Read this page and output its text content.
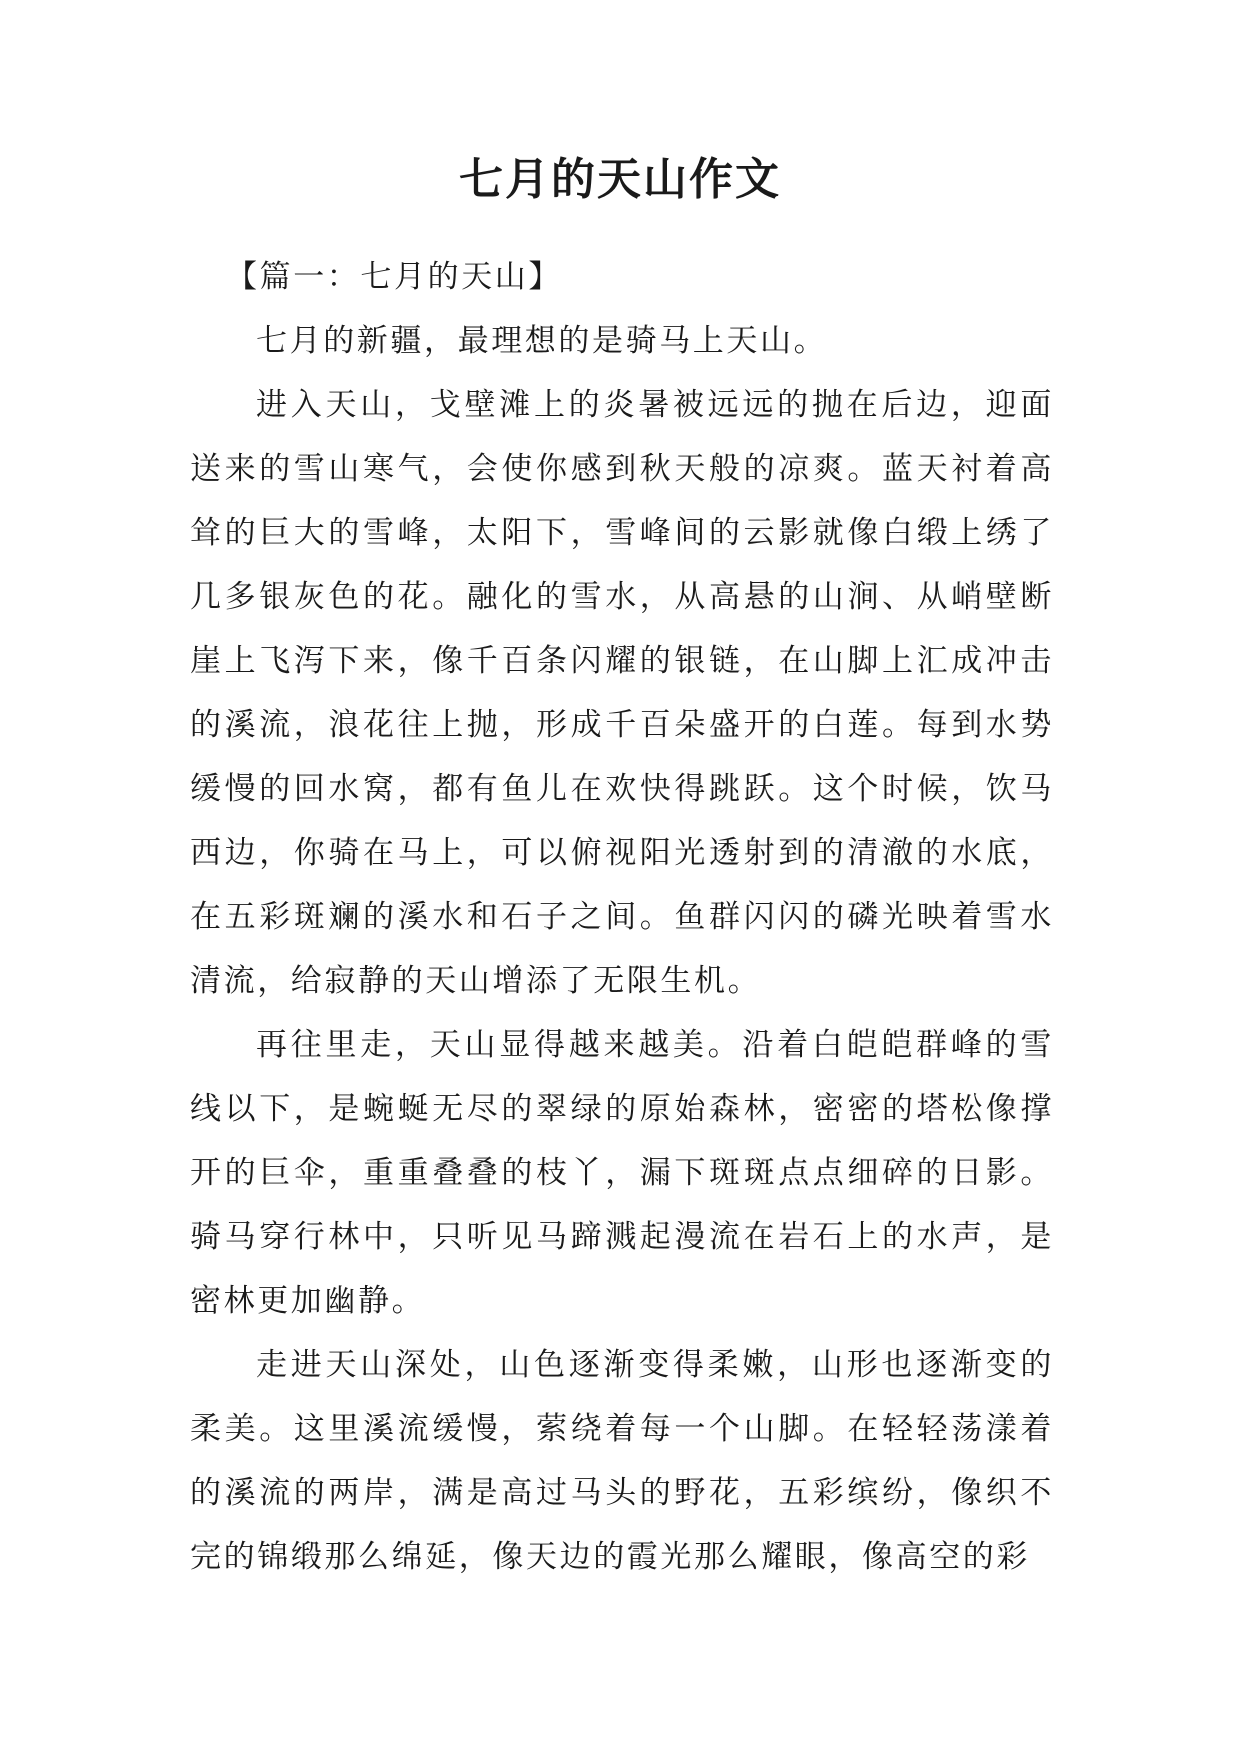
七月的天山作文

【篇一：七月的天山】

七月的新疆，最理想的是骑马上天山。

进入天山，戈壁滩上的炎暑被远远的抛在后边，迎面送来的雪山寒气，会使你感到秋天般的凉爽。蓝天衬着高耸的巨大的雪峰，太阳下，雪峰间的云影就像白缎上绣了几多银灰色的花。融化的雪水，从高悬的山涧、从峭壁断崖上飞泻下来，像千百条闪耀的银链，在山脚上汇成冲击的溪流，浪花往上抛，形成千百朵盛开的白莲。每到水势缓慢的回水窝，都有鱼儿在欢快得跳跃。这个时候，饮马西边，你骑在马上，可以俯视阳光透射到的清澈的水底，在五彩斑斓的溪水和石子之间。鱼群闪闪的磷光映着雪水清流，给寂静的天山增添了无限生机。

再往里走，天山显得越来越美。沿着白皑皑群峰的雪线以下，是蜿蜒无尽的翠绿的原始森林，密密的塔松像撑开的巨伞，重重叠叠的枝丫，漏下斑斑点点细碎的日影。骑马穿行林中，只听见马蹄溅起漫流在岩石上的水声，是密林更加幽静。

走进天山深处，山色逐渐变得柔嫩，山形也逐渐变的柔美。这里溪流缓慢，萦绕着每一个山脚。在轻轻荡漾着的溪流的两岸，满是高过马头的野花，五彩缤纷，像织不完的锦缎那么绵延，像天边的霞光那么耀眼，像高空的彩
